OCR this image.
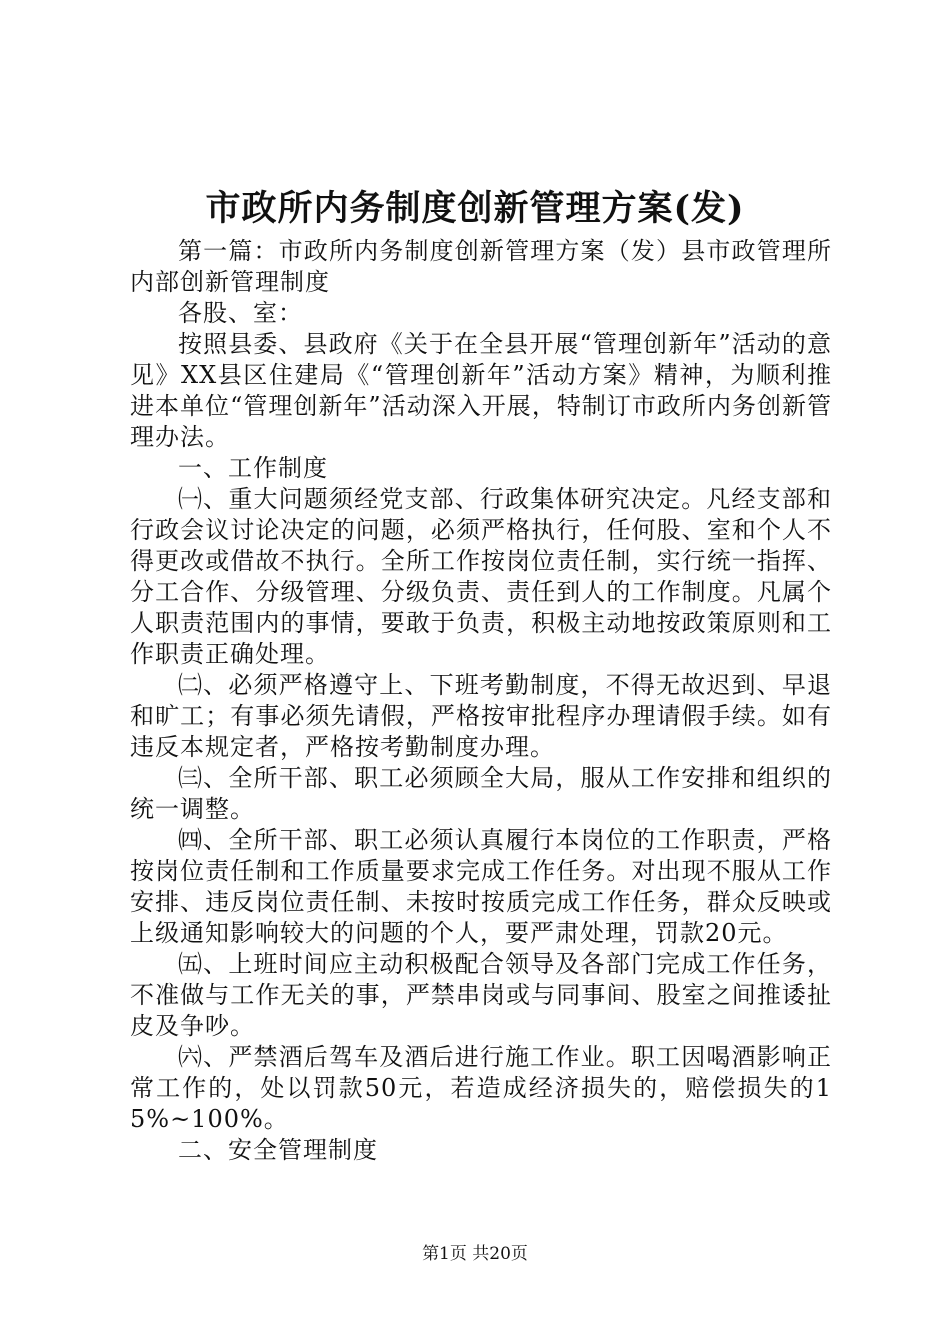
市政所内务制度创新管理方案(发)

第一篇：市政所内务制度创新管理方案（发）县市政管理所内部创新管理制度

各股、室：

按照县委、县政府《关于在全县开展“管理创新年”活动的意见》XX县区住建局《“管理创新年”活动方案》精神，为顺利推进本单位“管理创新年”活动深入开展，特制订市政所内务创新管理办法。

一、工作制度

㈠、重大问题须经党支部、行政集体研究决定。凡经支部和行政会议讨论决定的问题，必须严格执行，任何股、室和个人不得更改或借故不执行。全所工作按岗位责任制，实行统一指挥、分工合作、分级管理、分级负责、责任到人的工作制度。凡属个人职责范围内的事情，要敢于负责，积极主动地按政策原则和工作职责正确处理。

㈡、必须严格遵守上、下班考勤制度，不得无故迟到、早退和旷工；有事必须先请假，严格按审批程序办理请假手续。如有违反本规定者，严格按考勤制度办理。

㈢、全所干部、职工必须顾全大局，服从工作安排和组织的统一调整。

㈣、全所干部、职工必须认真履行本岗位的工作职责，严格按岗位责任制和工作质量要求完成工作任务。对出现不服从工作安排、违反岗位责任制、未按时按质完成工作任务，群众反映或上级通知影响较大的问题的个人，要严肃处理，罚款20元。

㈤、上班时间应主动积极配合领导及各部门完成工作任务，不准做与工作无关的事，严禁串岗或与同事间、股室之间推诿扯皮及争吵。

㈥、严禁酒后驾车及酒后进行施工作业。职工因喝酒影响正常工作的，处以罚款50元，若造成经济损失的，赔偿损失的15%~100%。

二、安全管理制度

第1页 共20页
